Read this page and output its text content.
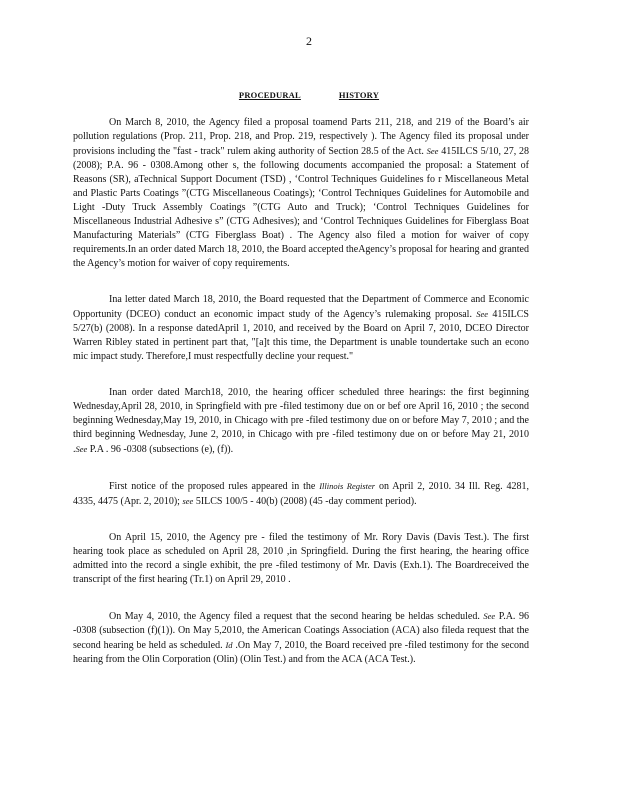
2
PROCEDURAL	HISTORY

On March 8, 2010, the Agency filed a proposal toamend Parts 211, 218, and 219 of the Board’s air pollution regulations (Prop. 211, Prop. 218, and Prop. 219, respectively ). The Agency filed its proposal under provisions including the "fast - track" rulem aking authority of Section 28.5 of the Act. See 415ILCS 5/10, 27, 28 (2008); P.A. 96 - 0308.Among other s, the following documents accompanied the proposal: a Statement of Reasons (SR), aTechnical Support Document (TSD) , ‘Control Techniques Guidelines fo r Miscellaneous Metal and Plastic Parts Coatings ”(CTG Miscellaneous Coatings); ‘Control Techniques Guidelines for Automobile and Light -Duty Truck Assembly Coatings ”(CTG Auto and Truck); ‘Control Techniques Guidelines for Miscellaneous Industrial Adhesive s” (CTG Adhesives); and ‘Control Techniques Guidelines for Fiberglass Boat Manufacturing Materials” (CTG Fiberglass Boat) . The Agency also filed a motion for waiver of copy requirements.In an order dated March 18, 2010, the Board accepted theAgency’s proposal for hearing and granted the Agency’s motion for waiver of copy requirements.

Ina letter dated March 18, 2010, the Board requested that the Department of Commerce and Economic Opportunity (DCEO) conduct an economic impact study of the Agency’s rulemaking proposal. See 415ILCS 5/27(b) (2008). In a response datedApril 1, 2010, and received by the Board on April 7, 2010, DCEO Director Warren Ribley stated in pertinent part that, "[a]t this time, the Department is unable toundertake such an econo mic impact study. Therefore,I must respectfully decline your request."

Inan order dated March18, 2010, the hearing officer scheduled three hearings: the first beginning Wednesday,April 28, 2010, in Springfield with pre -filed testimony due on or bef ore April 16, 2010 ; the second beginning Wednesday,May 19, 2010, in Chicago with pre -filed testimony due on or before May 7, 2010 ; and the third beginning Wednesday, June 2, 2010, in Chicago with pre -filed testimony due on or before May 21, 2010 .See P.A . 96 -0308 (subsections (e), (f)).

First notice of the proposed rules appeared in the Illinois Register on April 2, 2010. 34 Ill. Reg. 4281, 4335, 4475 (Apr. 2, 2010); see 5ILCS 100/5 - 40(b) (2008) (45 -day comment period).

On April 15, 2010, the Agency pre - filed the testimony of Mr. Rory Davis (Davis Test.). The first hearing took place as scheduled on April 28, 2010 ,in Springfield. During the first hearing, the hearing office admitted into the record a single exhibit, the pre -filed testimony of Mr. Davis (Exh.1). The Boardreceived the transcript of the first hearing (Tr.1) on April 29, 2010 .

On May 4, 2010, the Agency filed a request that the second hearing be heldas scheduled. See P.A. 96 -0308 (subsection (f)(1)). On May 5,2010, the American Coatings Association (ACA) also fileda request that the second hearing be held as scheduled. Id .On May 7, 2010, the Board received pre -filed testimony for the second hearing from the Olin Corporation (Olin) (Olin Test.) and from the ACA (ACA Test.).
